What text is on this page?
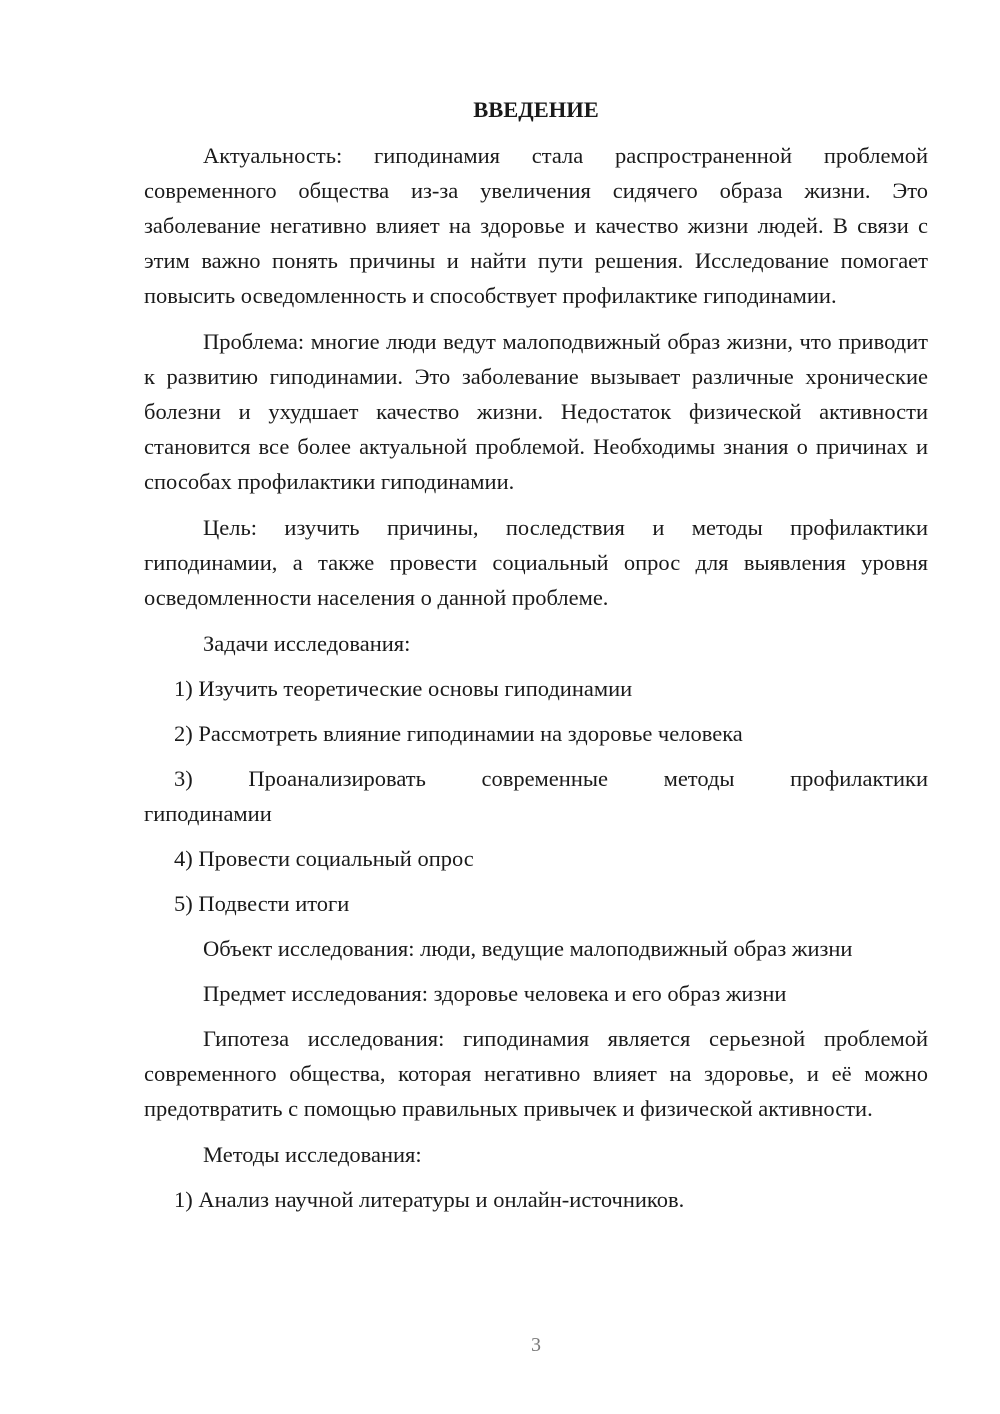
ВВЕДЕНИЕ

Актуальность: гиподинамия стала распространенной проблемой современного общества из-за увеличения сидячего образа жизни. Это заболевание негативно влияет на здоровье и качество жизни людей. В связи с этим важно понять причины и найти пути решения. Исследование помогает повысить осведомленность и способствует профилактике гиподинамии.

Проблема: многие люди ведут малоподвижный образ жизни, что приводит к развитию гиподинамии. Это заболевание вызывает различные хронические болезни и ухудшает качество жизни. Недостаток физической активности становится все более актуальной проблемой. Необходимы знания о причинах и способах профилактики гиподинамии.

Цель: изучить причины, последствия и методы профилактики гиподинамии, а также провести социальный опрос для выявления уровня осведомленности населения о данной проблеме.

Задачи исследования:

1) Изучить теоретические основы гиподинамии

2) Рассмотреть влияние гиподинамии на здоровье человека

3) Проанализировать современные методы профилактики

гиподинамии

4) Провести социальный опрос

5) Подвести итоги

Объект исследования: люди, ведущие малоподвижный образ жизни

Предмет исследования: здоровье человека и его образ жизни

Гипотеза исследования: гиподинамия является серьезной проблемой современного общества, которая негативно влияет на здоровье, и её можно предотвратить с помощью правильных привычек и физической активности.

Методы исследования:

1) Анализ научной литературы и онлайн-источников.

3
